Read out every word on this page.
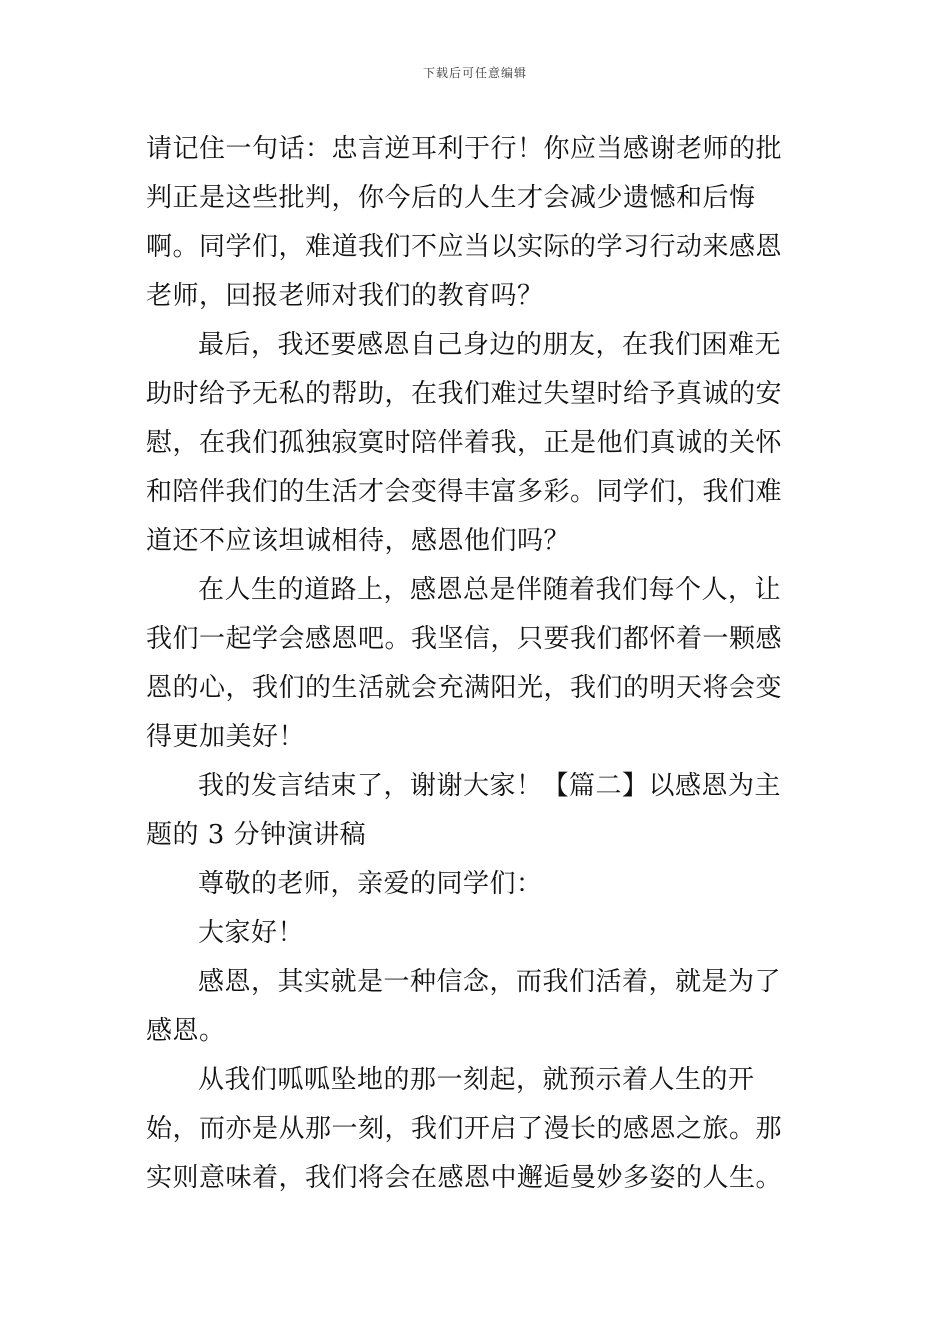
下载后可任意编辑

请记住一句话：忠言逆耳利于行！你应当感谢老师的批判正是这些批判，你今后的人生才会减少遗憾和后悔啊。同学们，难道我们不应当以实际的学习行动来感恩老师，回报老师对我们的教育吗？

最后，我还要感恩自己身边的朋友，在我们困难无助时给予无私的帮助，在我们难过失望时给予真诚的安慰，在我们孤独寂寞时陪伴着我，正是他们真诚的关怀和陪伴我们的生活才会变得丰富多彩。同学们，我们难道还不应该坦诚相待，感恩他们吗？

在人生的道路上，感恩总是伴随着我们每个人，让我们一起学会感恩吧。我坚信，只要我们都怀着一颗感恩的心，我们的生活就会充满阳光，我们的明天将会变得更加美好！

我的发言结束了，谢谢大家！【篇二】以感恩为主题的 3 分钟演讲稿

尊敬的老师，亲爱的同学们：

大家好！

感恩，其实就是一种信念，而我们活着，就是为了感恩。

从我们呱呱坠地的那一刻起，就预示着人生的开始，而亦是从那一刻，我们开启了漫长的感恩之旅。那实则意味着，我们将会在感恩中邂逅曼妙多姿的人生。
